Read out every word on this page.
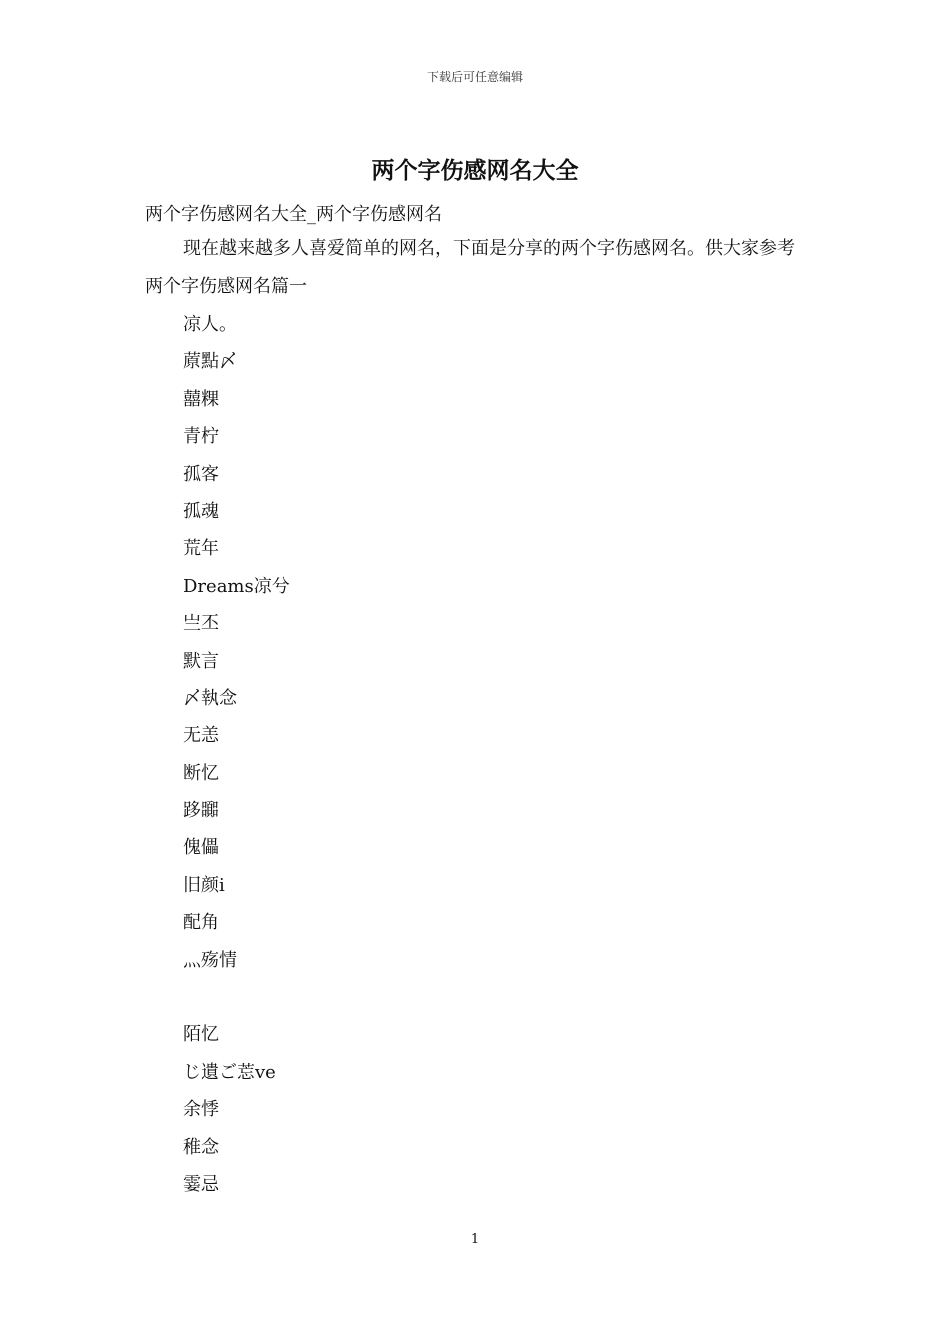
下载后可任意编辑
两个字伤感网名大全

两个字伤感网名大全_两个字伤感网名

现在越来越多人喜爱简单的网名，下面是分享的两个字伤感网名。供大家参考两个字伤感网名篇一

凉人。
蒝點〆
囍粿
青柠
孤客
孤魂
荒年
Dreams凉兮
亗丕
默言
〆執念
无恙
断忆
跢嚻
傀儡
旧颜i
配角
灬殇情
陌忆
じ遺ご莣ve
余悸
稚念
霎忌
1
